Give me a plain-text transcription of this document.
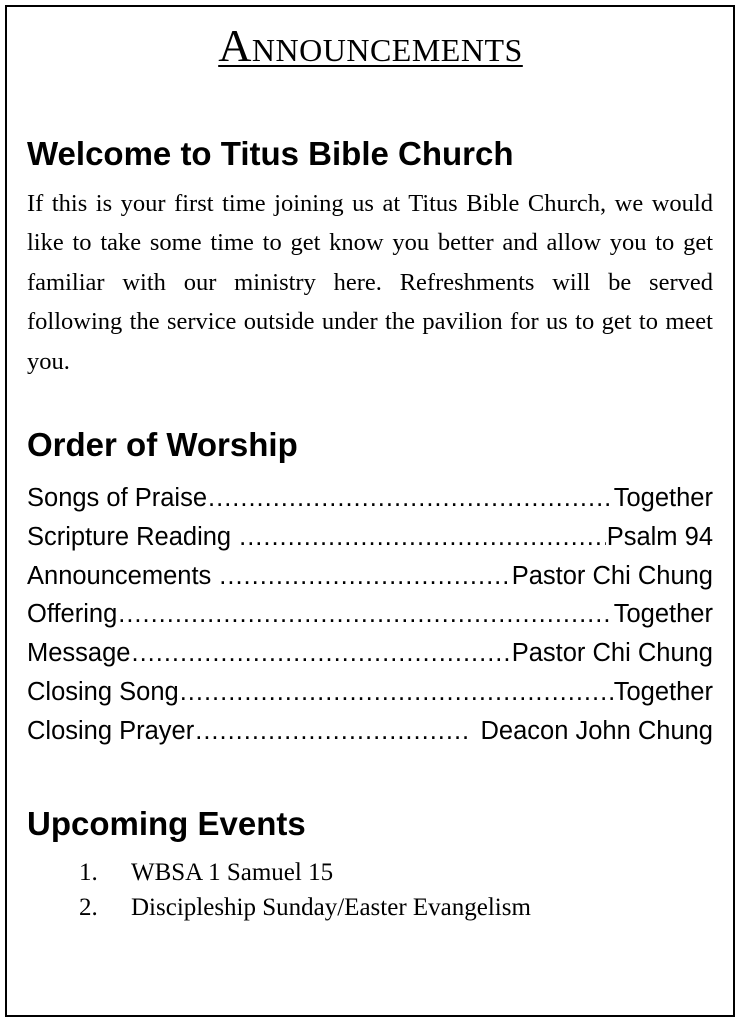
Announcements
Welcome to Titus Bible Church
If this is your first time joining us at Titus Bible Church, we would like to take some time to get know you better and allow you to get familiar with our ministry here. Refreshments will be served following the service outside under the pavilion for us to get to meet you.
Order of Worship
Songs of Praise .....	Together
Scripture Reading .....	Psalm 94
Announcements .....	Pastor Chi Chung
Offering .....	Together
Message .....	Pastor Chi Chung
Closing Song .....	Together
Closing Prayer .....	Deacon John Chung
Upcoming Events
1.	WBSA 1 Samuel 15
2.	Discipleship Sunday/Easter Evangelism
